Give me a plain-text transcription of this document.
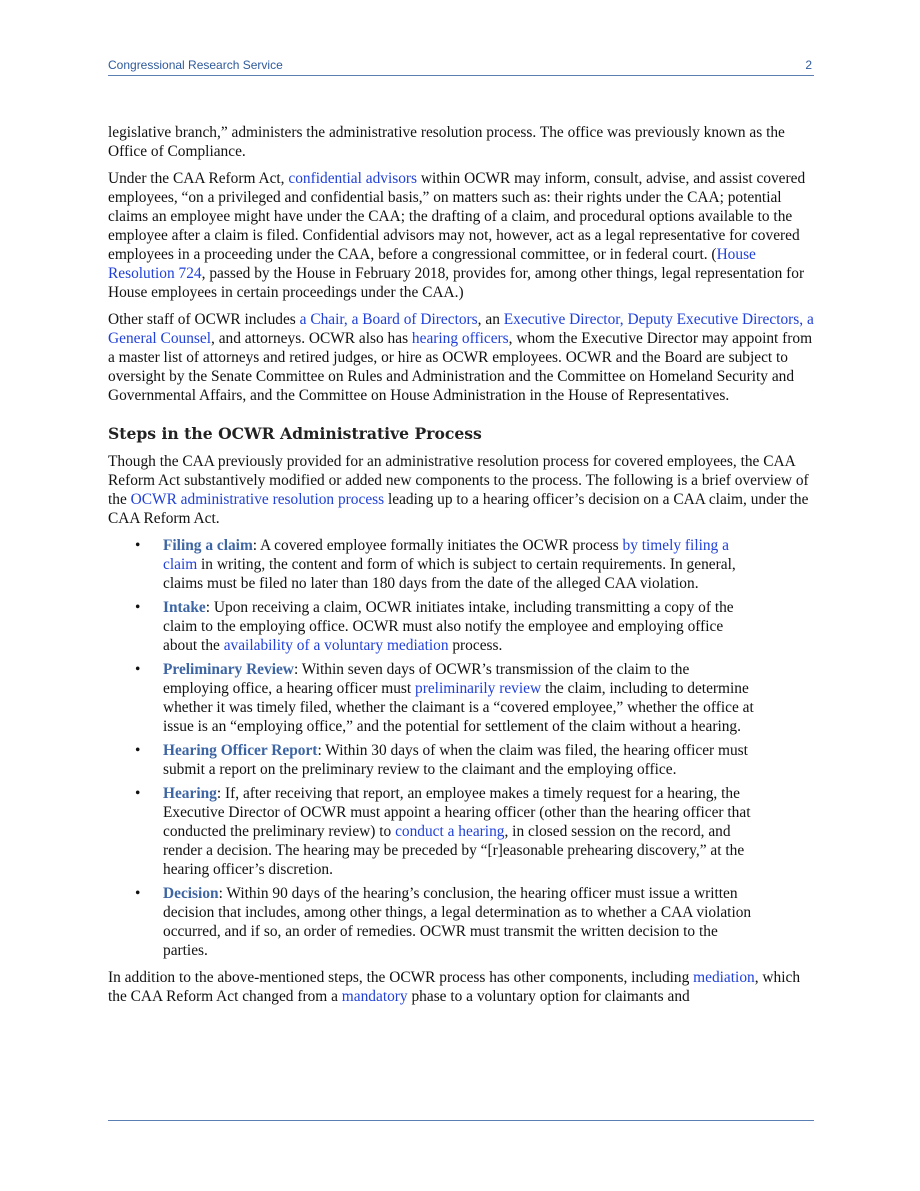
Congressional Research Service	2

legislative branch,” administers the administrative resolution process. The office was previously known as the Office of Compliance.

Under the CAA Reform Act, confidential advisors within OCWR may inform, consult, advise, and assist covered employees, “on a privileged and confidential basis,” on matters such as: their rights under the CAA; potential claims an employee might have under the CAA; the drafting of a claim, and procedural options available to the employee after a claim is filed. Confidential advisors may not, however, act as a legal representative for covered employees in a proceeding under the CAA, before a congressional committee, or in federal court. (House Resolution 724, passed by the House in February 2018, provides for, among other things, legal representation for House employees in certain proceedings under the CAA.)

Other staff of OCWR includes a Chair, a Board of Directors, an Executive Director, Deputy Executive Directors, a General Counsel, and attorneys. OCWR also has hearing officers, whom the Executive Director may appoint from a master list of attorneys and retired judges, or hire as OCWR employees. OCWR and the Board are subject to oversight by the Senate Committee on Rules and Administration and the Committee on Homeland Security and Governmental Affairs, and the Committee on House Administration in the House of Representatives.

Steps in the OCWR Administrative Process

Though the CAA previously provided for an administrative resolution process for covered employees, the CAA Reform Act substantively modified or added new components to the process. The following is a brief overview of the OCWR administrative resolution process leading up to a hearing officer’s decision on a CAA claim, under the CAA Reform Act.

• Filing a claim: A covered employee formally initiates the OCWR process by timely filing a claim in writing, the content and form of which is subject to certain requirements. In general, claims must be filed no later than 180 days from the date of the alleged CAA violation.
• Intake: Upon receiving a claim, OCWR initiates intake, including transmitting a copy of the claim to the employing office. OCWR must also notify the employee and employing office about the availability of a voluntary mediation process.
• Preliminary Review: Within seven days of OCWR’s transmission of the claim to the employing office, a hearing officer must preliminarily review the claim, including to determine whether it was timely filed, whether the claimant is a “covered employee,” whether the office at issue is an “employing office,” and the potential for settlement of the claim without a hearing.
• Hearing Officer Report: Within 30 days of when the claim was filed, the hearing officer must submit a report on the preliminary review to the claimant and the employing office.
• Hearing: If, after receiving that report, an employee makes a timely request for a hearing, the Executive Director of OCWR must appoint a hearing officer (other than the hearing officer that conducted the preliminary review) to conduct a hearing, in closed session on the record, and render a decision. The hearing may be preceded by “[r]easonable prehearing discovery,” at the hearing officer’s discretion.
• Decision: Within 90 days of the hearing’s conclusion, the hearing officer must issue a written decision that includes, among other things, a legal determination as to whether a CAA violation occurred, and if so, an order of remedies. OCWR must transmit the written decision to the parties.

In addition to the above-mentioned steps, the OCWR process has other components, including mediation, which the CAA Reform Act changed from a mandatory phase to a voluntary option for claimants and
